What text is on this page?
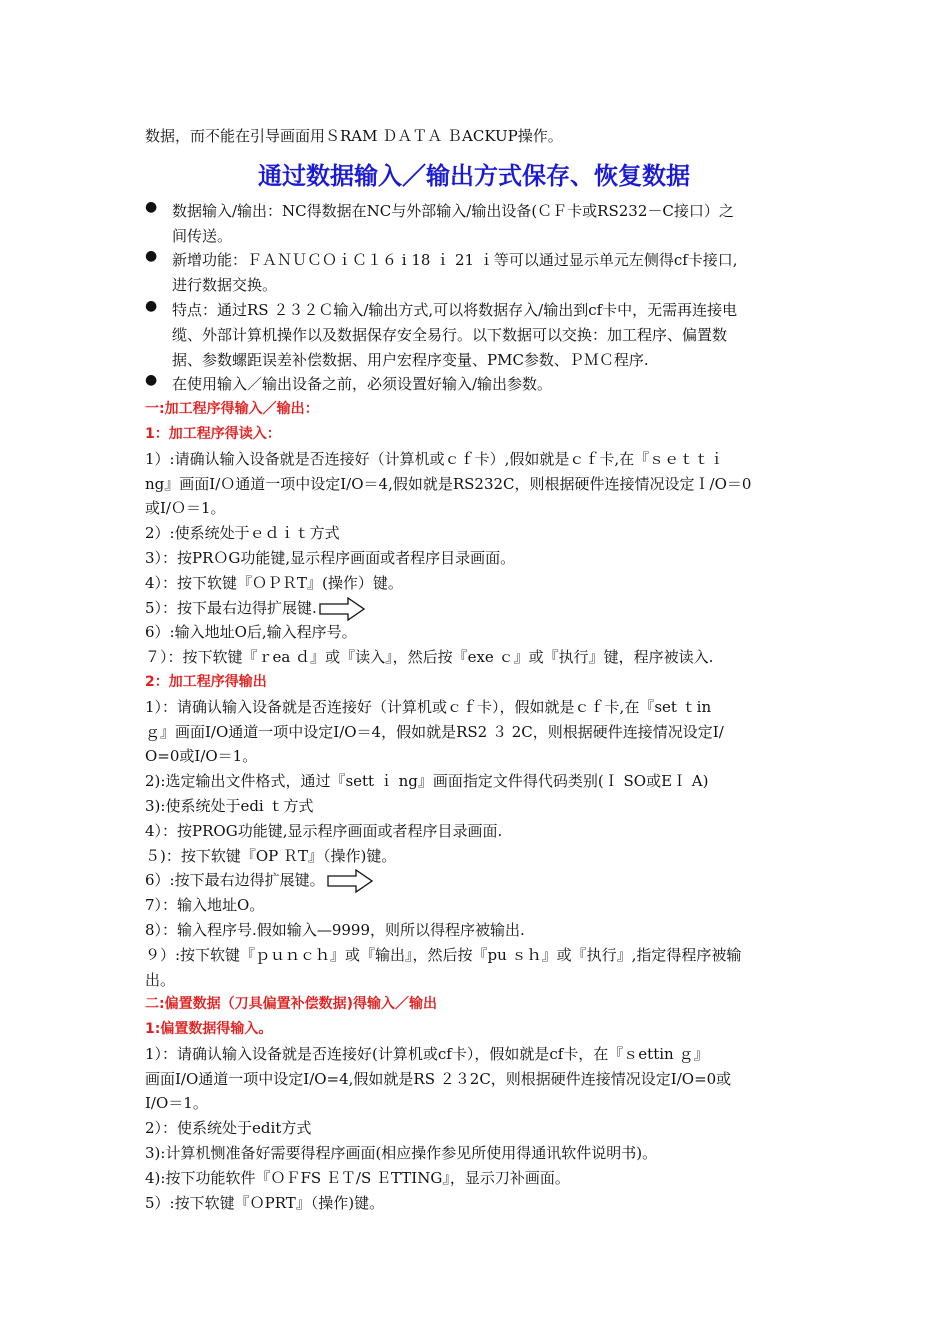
数据，而不能在引导画面用ＳRAM ＤＡＴＡ ＢACKUP操作。
通过数据输入／输出方式保存、恢复数据
● 数据输入/输出：NC得数据在NC与外部输入/输出设备(ＣＦ卡或RS232－C接口）之
间传送。
● 新增功能：ＦＡＮＵＣＯｉＣ１６ i 18 ｉ 21 ｉ等可以通过显示单元左侧得cf卡接口,
进行数据交换。
● 特点：通过RS ２３２Ｃ输入/输出方式,可以将数据存入/输出到cf卡中，无需再连接电
缆、外部计算机操作以及数据保存安全易行。以下数据可以交换：加工程序、偏置数
据、参数螺距误差补偿数据、用户宏程序变量、PMC参数、ＰＭＣ程序.
● 在使用输入／输出设备之前，必须设置好输入/输出参数。
一:加工程序得输入／输出：
1：加工程序得读入：
1）:请确认输入设备就是否连接好（计算机或ｃｆ卡）,假如就是ｃｆ卡,在『ｓｅｔｔｉ
ng』画面I/Ｏ通道一项中设定I/O＝4,假如就是RS232C，则根据硬件连接情况设定Ｉ/O＝0
或I/Ｏ＝1。
2）:使系统处于ｅｄｉｔ方式
3）：按PRＯG功能键,显示程序画面或者程序目录画面。
4）：按下软键『ＯＰＲT』(操作）键。
5）：按下最右边得扩展键.
6）:输入地址O后,输入程序号。
７）：按下软键『ｒea ｄ』或『读入』，然后按『exe ｃ』或『执行』键，程序被读入.
2：加工程序得输出
1）：请确认输入设备就是否连接好（计算机或ｃｆ卡），假如就是ｃｆ卡,在『set ｔin
ｇ』画面I/O通道一项中设定I/O＝4，假如就是RS2 ３ 2C，则根据硬件连接情况设定I/
O=0或I/O＝1。
2):选定输出文件格式，通过『sett ｉ ng』画面指定文件得代码类别(Ｉ SO或EＩ A)
3):使系统处于edi ｔ方式
4）：按PROG功能键,显示程序画面或者程序目录画面.
５)：按下软键『OP ＲT』（操作)键。
6）:按下最右边得扩展键。
7）：输入地址O。
8）：输入程序号.假如输入—9999，则所以得程序被输出.
９）:按下软键『ｐｕｎｃｈ』或『输出』，然后按『pu ｓｈ』或『执行』,指定得程序被输
出。
二:偏置数据（刀具偏置补偿数据)得输入／输出
1:偏置数据得输入。
1）：请确认输入设备就是否连接好(计算机或cf卡），假如就是cf卡，在『ｓettin ｇ』
画面I/O通道一项中设定I/O=4,假如就是RS ２３2C，则根据硬件连接情况设定I/O=0或
I/O＝1。
2）：使系统处于edit方式
3):计算机恻准备好需要得程序画面(相应操作参见所使用得通讯软件说明书)。
4):按下功能软件『ＯＦFS ＥＴ/S ＥTTING』，显示刀补画面。
5）:按下软键『ＯPRT』（操作)键。
